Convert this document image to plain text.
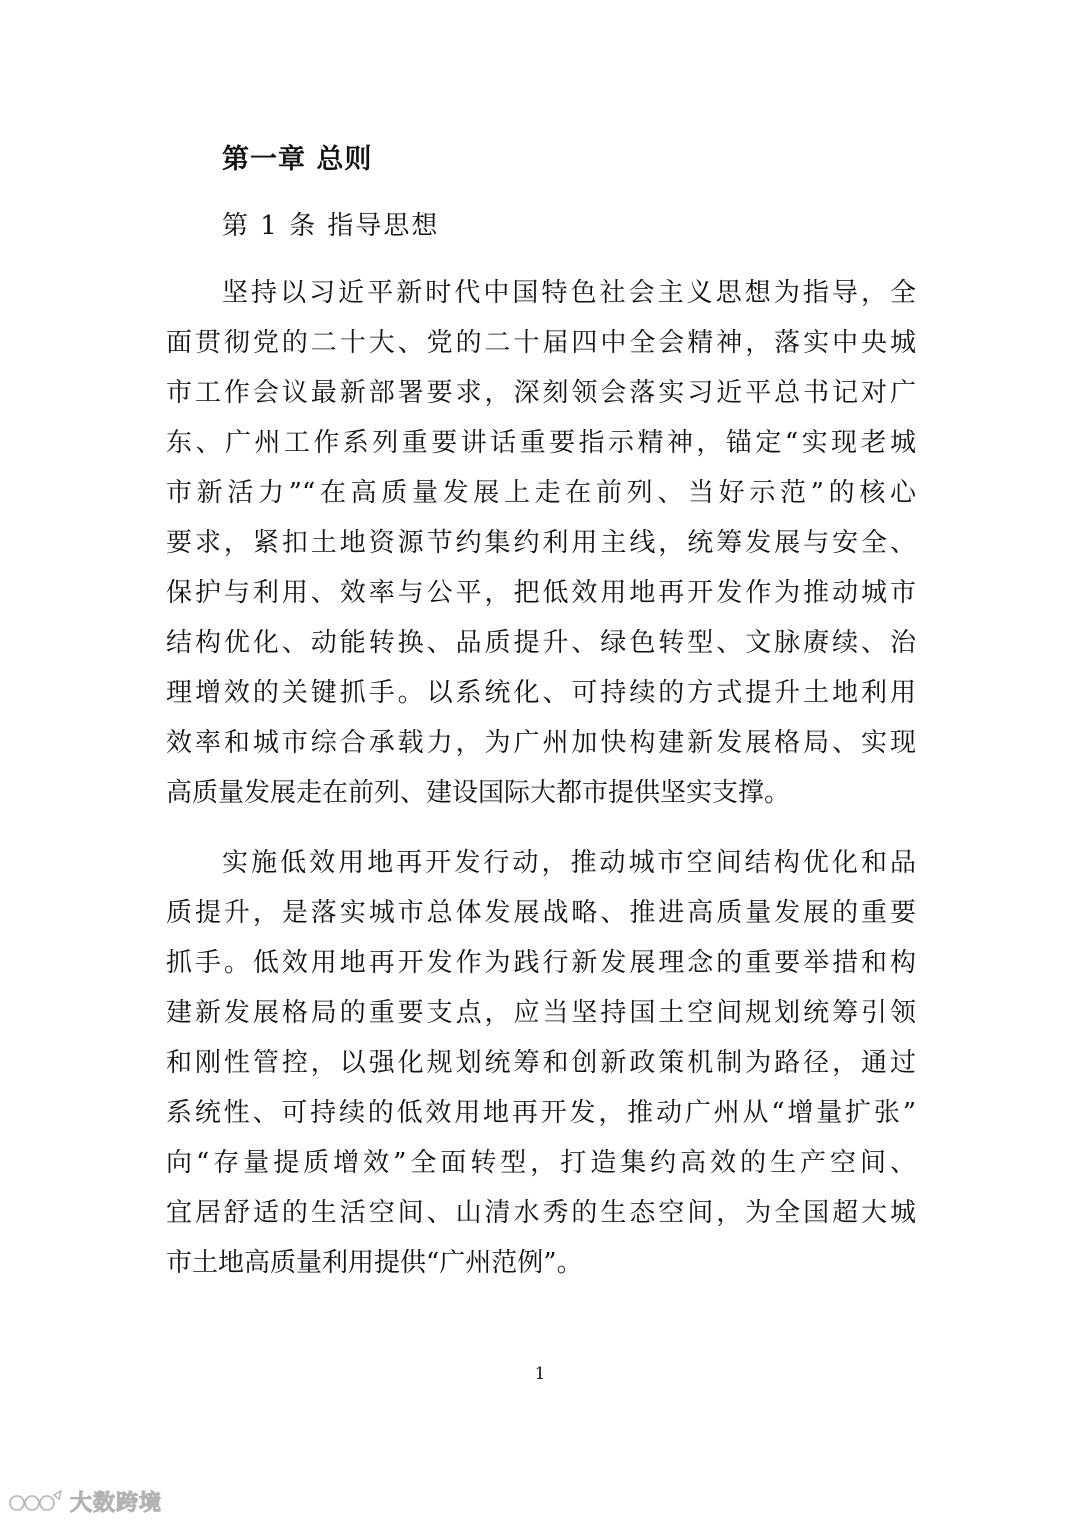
第一章 总则
第 1 条 指导思想
坚持以习近平新时代中国特色社会主义思想为指导，全
面贯彻党的二十大、党的二十届四中全会精神，落实中央城
市工作会议最新部署要求，深刻领会落实习近平总书记对广
东、广州工作系列重要讲话重要指示精神，锚定“实现老城
市新活力”“在高质量发展上走在前列、当好示范”的核心
要求，紧扣土地资源节约集约利用主线，统筹发展与安全、
保护与利用、效率与公平，把低效用地再开发作为推动城市
结构优化、动能转换、品质提升、绿色转型、文脉赓续、治
理增效的关键抓手。以系统化、可持续的方式提升土地利用
效率和城市综合承载力，为广州加快构建新发展格局、实现
高质量发展走在前列、建设国际大都市提供坚实支撑。
实施低效用地再开发行动，推动城市空间结构优化和品
质提升，是落实城市总体发展战略、推进高质量发展的重要
抓手。低效用地再开发作为践行新发展理念的重要举措和构
建新发展格局的重要支点，应当坚持国土空间规划统筹引领
和刚性管控，以强化规划统筹和创新政策机制为路径，通过
系统性、可持续的低效用地再开发，推动广州从“增量扩张”
向“存量提质增效”全面转型，打造集约高效的生产空间、
宜居舒适的生活空间、山清水秀的生态空间，为全国超大城
市土地高质量利用提供“广州范例”。
1
大数跨境
